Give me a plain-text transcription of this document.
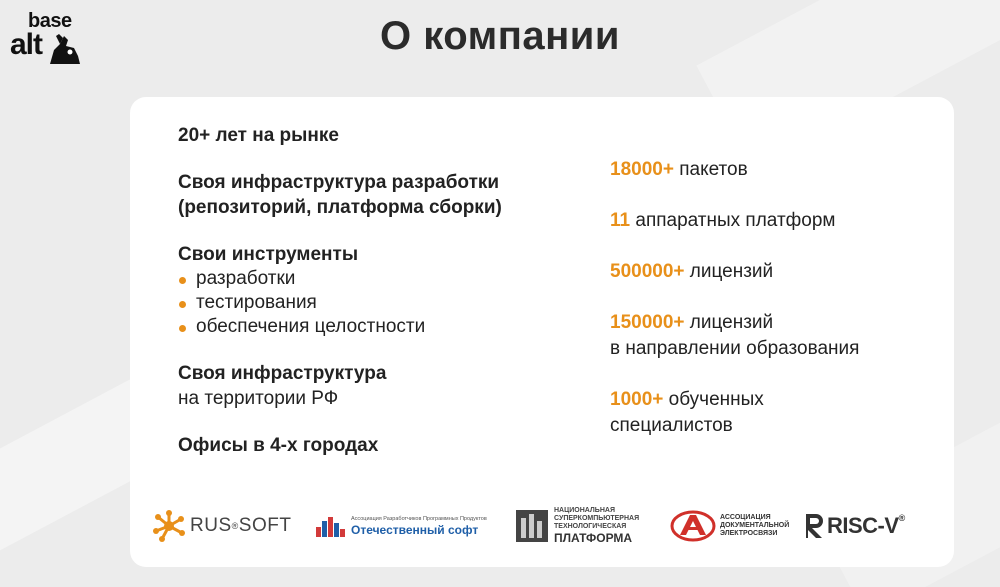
base
alt	О компании
20+ лет на рынке
Своя инфраструктура разработки (репозиторий, платформа сборки)
Свои инструменты
разработки
тестирования
обеспечения целостности
Своя инфраструктура
на территории РФ
Офисы в 4-х городах
18000+ пакетов
11 аппаратных платформ
500000+ лицензий
150000+ лицензий
в направлении образования
1000+ обученных
специалистов
RUS®SOFT	Ассоциация Разработчиков Программных Продуктов
Отечественный софт
НАЦИОНАЛЬНАЯ
СУПЕРКОМПЬЮТЕРНАЯ
ТЕХНОЛОГИЧЕСКАЯ
ПЛАТФОРМА
АССОЦИАЦИЯ
ДОКУМЕНТАЛЬНОЙ
ЭЛЕКТРОСВЯЗИ	RISC-V®
